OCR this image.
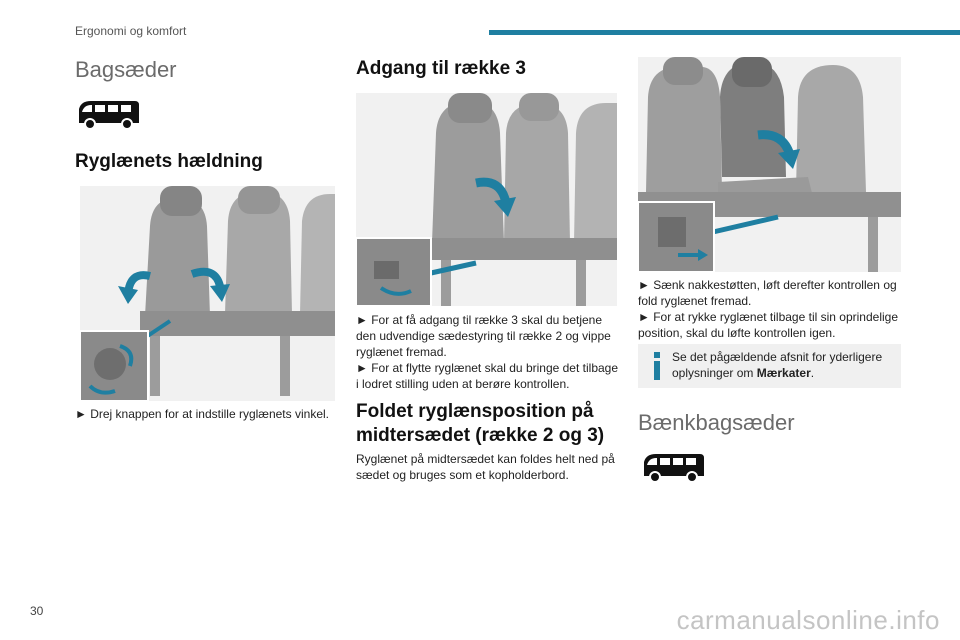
Ergonomi og komfort
Bagsæder
Ryglænets hældning
► Drej knappen for at indstille ryglænets vinkel.
Adgang til række 3

► For at få adgang til række 3 skal du betjene den udvendige sædestyring til række 2 og vippe ryglænet fremad.

► For at flytte ryglænet skal du bringe det tilbage i lodret stilling uden at berøre kontrollen.

Foldet ryglænsposition på midtersædet (række 2 og 3)
Ryglænet på midtersædet kan foldes helt ned på sædet og bruges som et kopholderbord.

► Sænk nakkestøtten, løft derefter kontrollen og fold ryglænet fremad.

► For at rykke ryglænet tilbage til sin oprindelige position, skal du løfte kontrollen igen.

Se det pågældende afsnit for yderligere oplysninger om Mærkater.
Bænkbagsæder
30	carmanualsonline.info
